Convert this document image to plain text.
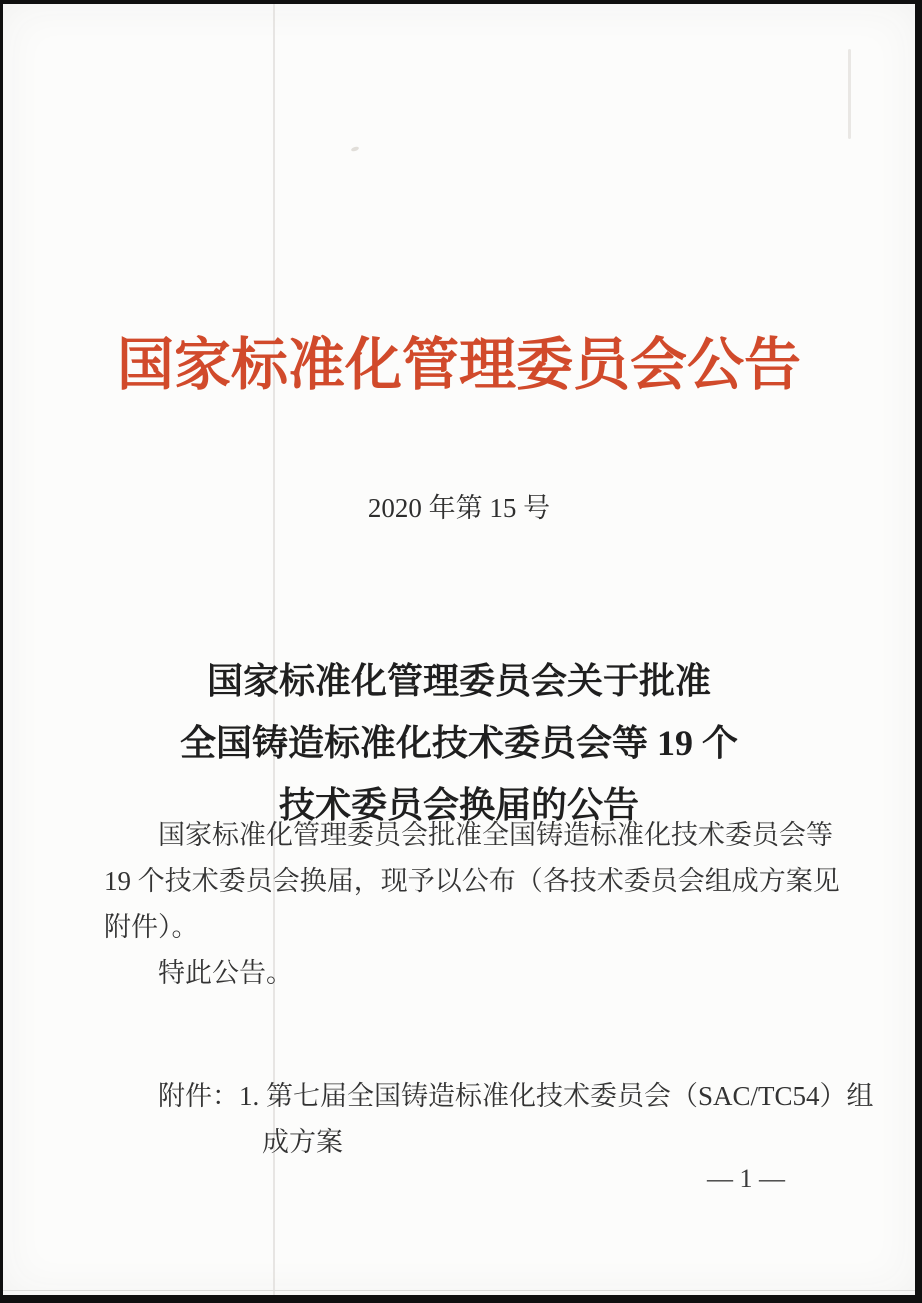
国家标准化管理委员会公告
2020 年第 15 号
国家标准化管理委员会关于批准
全国铸造标准化技术委员会等 19 个
技术委员会换届的公告
国家标准化管理委员会批准全国铸造标准化技术委员会等
19 个技术委员会换届，现予以公布（各技术委员会组成方案见
附件）。
特此公告。

附件：1. 第七届全国铸造标准化技术委员会（SAC/TC54）组
成方案

— 1 —
